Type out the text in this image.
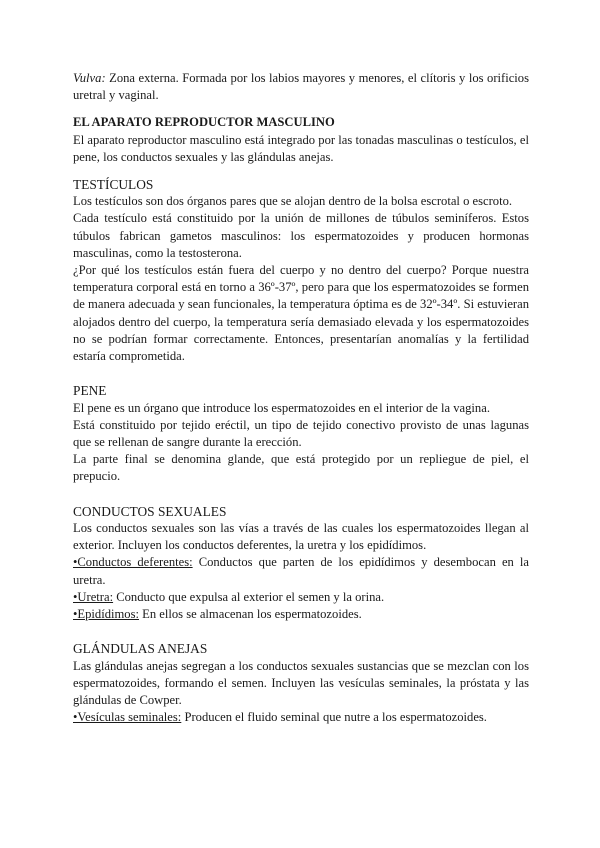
Vulva: Zona externa. Formada por los labios mayores y menores, el clítoris y los orificios uretral y vaginal.

EL APARATO REPRODUCTOR MASCULINO

El aparato reproductor masculino está integrado por las tonadas masculinas o testículos, el pene, los conductos sexuales y las glándulas anejas.

TESTÍCULOS

Los testículos son dos órganos pares que se alojan dentro de la bolsa escrotal o escroto.

Cada testículo está constituido por la unión de millones de túbulos seminíferos. Estos túbulos fabrican gametos masculinos: los espermatozoides y producen hormonas masculinas, como la testosterona.

¿Por qué los testículos están fuera del cuerpo y no dentro del cuerpo? Porque nuestra temperatura corporal está en torno a 36º-37º, pero para que los espermatozoides se formen de manera adecuada y sean funcionales, la temperatura óptima es de 32º-34º. Si estuvieran alojados dentro del cuerpo, la temperatura sería demasiado elevada y los espermatozoides no se podrían formar correctamente. Entonces, presentarían anomalías y la fertilidad estaría comprometida.

PENE

El pene es un órgano que introduce los espermatozoides en el interior de la vagina.

Está constituido por tejido eréctil, un tipo de tejido conectivo provisto de unas lagunas que se rellenan de sangre durante la erección.

La parte final se denomina glande, que está protegido por un repliegue de piel, el prepucio.

CONDUCTOS SEXUALES

Los conductos sexuales son las vías a través de las cuales los espermatozoides llegan al exterior. Incluyen los conductos deferentes, la uretra y los epidídimos.

•Conductos deferentes: Conductos que parten de los epidídimos y desembocan en la uretra.

•Uretra: Conducto que expulsa al exterior el semen y la orina.

•Epidídimos: En ellos se almacenan los espermatozoides.

GLÁNDULAS ANEJAS

Las glándulas anejas segregan a los conductos sexuales sustancias que se mezclan con los espermatozoides, formando el semen. Incluyen las vesículas seminales, la próstata y las glándulas de Cowper.

•Vesículas seminales: Producen el fluido seminal que nutre a los espermatozoides.
